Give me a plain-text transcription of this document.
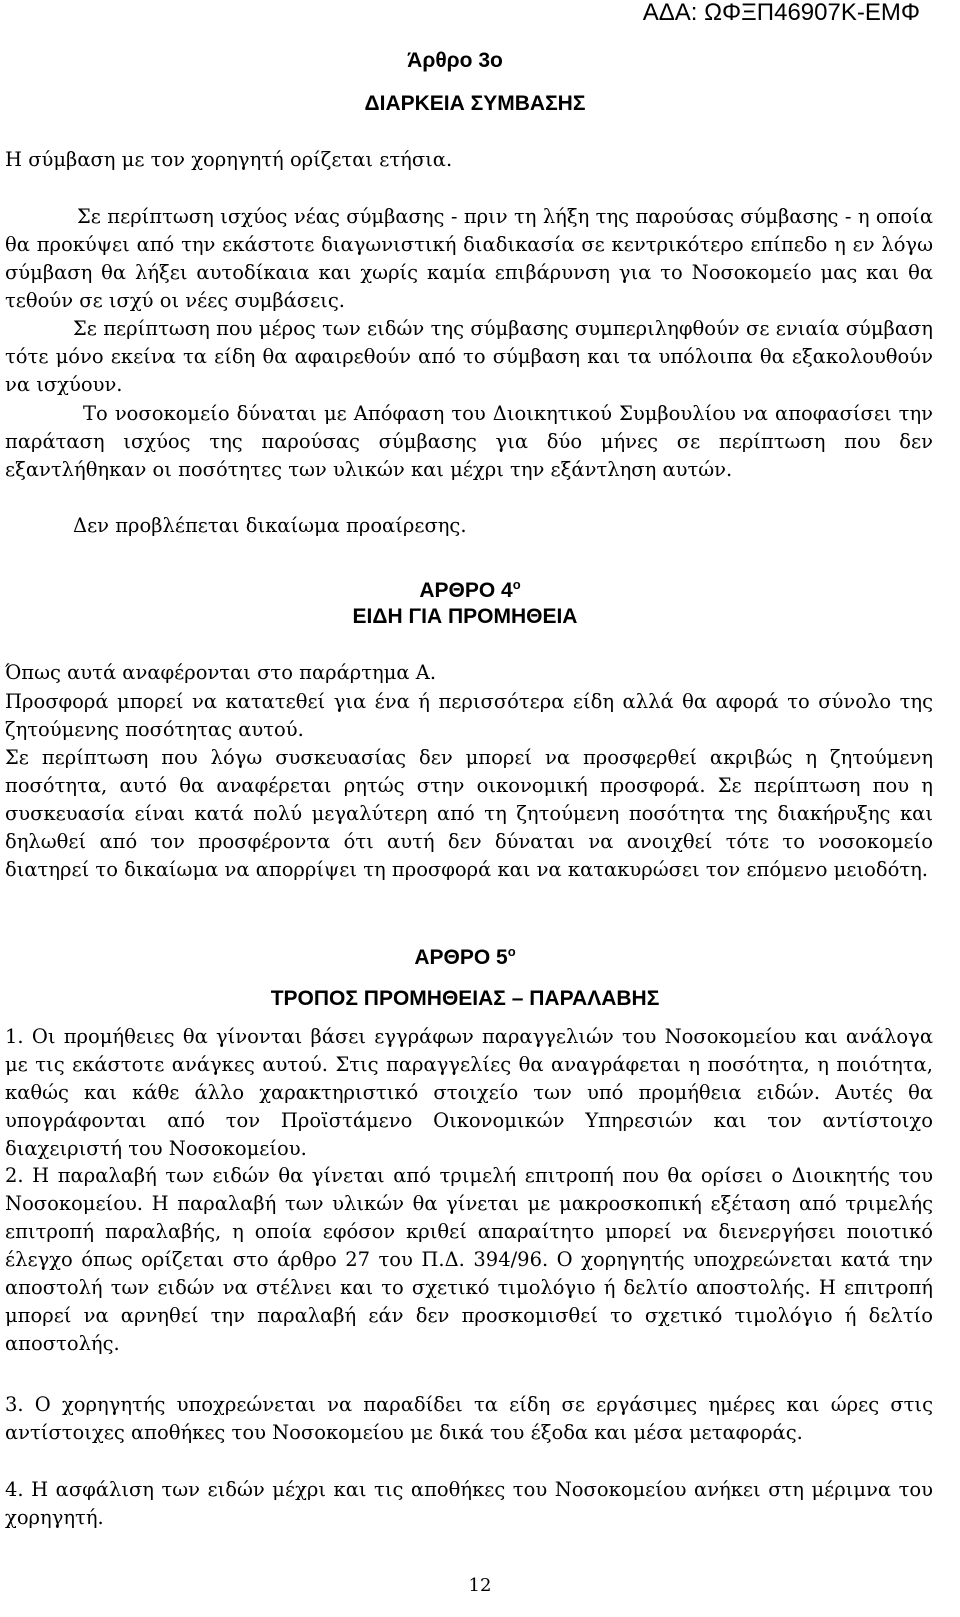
ΑΔΑ: ΩΦΞΠ46907Κ-ΕΜΦ
Άρθρο 3ο
ΔΙΑΡΚΕΙΑ ΣΥΜΒΑΣΗΣ

Η σύμβαση με τον χορηγητή ορίζεται ετήσια.

Σε περίπτωση ισχύος νέας σύμβασης - πριν τη λήξη της παρούσας σύμβασης - η οποία θα προκύψει από την εκάστοτε διαγωνιστική διαδικασία σε κεντρικότερο επίπεδο η εν λόγω σύμβαση θα λήξει αυτοδίκαια και χωρίς καμία επιβάρυνση για το Νοσοκομείο μας και θα τεθούν σε ισχύ οι νέες συμβάσεις.

Σε περίπτωση που μέρος των ειδών της σύμβασης συμπεριληφθούν σε ενιαία σύμβαση τότε μόνο εκείνα τα είδη θα αφαιρεθούν από το σύμβαση και τα υπόλοιπα θα εξακολουθούν να ισχύουν.

Το νοσοκομείο δύναται με Απόφαση του Διοικητικού Συμβουλίου να αποφασίσει την παράταση ισχύος της παρούσας σύμβασης για δύο μήνες σε περίπτωση που δεν εξαντλήθηκαν οι ποσότητες των υλικών και μέχρι την εξάντληση αυτών.

Δεν προβλέπεται δικαίωμα προαίρεσης.

ΑΡΘΡΟ $4^o$
ΕΙΔΗ ΓΙΑ ΠΡΟΜΗΘΕΙΑ

Όπως αυτά αναφέρονται στο παράρτημα Α.

Προσφορά μπορεί να κατατεθεί για ένα ή περισσότερα είδη αλλά θα αφορά το σύνολο της ζητούμενης ποσότητας αυτού.

Σε περίπτωση που λόγω συσκευασίας δεν μπορεί να προσφερθεί ακριβώς η ζητούμενη ποσότητα, αυτό θα αναφέρεται ρητώς στην οικονομική προσφορά. Σε περίπτωση που η συσκευασία είναι κατά πολύ μεγαλύτερη από τη ζητούμενη ποσότητα της διακήρυξης και δηλωθεί από τον προσφέροντα ότι αυτή δεν δύναται να ανοιχθεί τότε το νοσοκομείο διατηρεί το δικαίωμα να απορρίψει τη προσφορά και να κατακυρώσει τον επόμενο μειοδότη.

ΑΡΘΡΟ $5^o$
ΤΡΟΠΟΣ ΠΡΟΜΗΘΕΙΑΣ – ΠΑΡΑΛΑΒΗΣ

1. Οι προμήθειες θα γίνονται βάσει εγγράφων παραγγελιών του Νοσοκομείου και ανάλογα με τις εκάστοτε ανάγκες αυτού. Στις παραγγελίες θα αναγράφεται η ποσότητα, η ποιότητα, καθώς και κάθε άλλο χαρακτηριστικό στοιχείο των υπό προμήθεια ειδών. Αυτές θα υπογράφονται από τον Προϊστάμενο Οικονομικών Υπηρεσιών και τον αντίστοιχο διαχειριστή του Νοσοκομείου.

2. Η παραλαβή των ειδών θα γίνεται από τριμελή επιτροπή που θα ορίσει ο Διοικητής του Νοσοκομείου. Η παραλαβή των υλικών θα γίνεται με μακροσκοπική εξέταση από τριμελής επιτροπή παραλαβής, η οποία εφόσον κριθεί απαραίτητο μπορεί να διενεργήσει ποιοτικό έλεγχο όπως ορίζεται στο άρθρο 27 του Π.Δ. 394/96. Ο χορηγητής υποχρεώνεται κατά την αποστολή των ειδών να στέλνει και το σχετικό τιμολόγιο ή δελτίο αποστολής. Η επιτροπή μπορεί να αρνηθεί την παραλαβή εάν δεν προσκομισθεί το σχετικό τιμολόγιο ή δελτίο αποστολής.

3. Ο χορηγητής υποχρεώνεται να παραδίδει τα είδη σε εργάσιμες ημέρες και ώρες στις αντίστοιχες αποθήκες του Νοσοκομείου με δικά του έξοδα και μέσα μεταφοράς.

4. Η ασφάλιση των ειδών μέχρι και τις αποθήκες του Νοσοκομείου ανήκει στη μέριμνα του χορηγητή.

12
